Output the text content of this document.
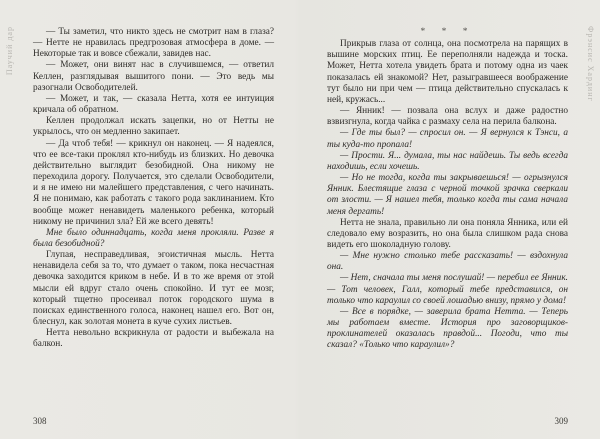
Паучий дар	— Ты заметил, что никто здесь не смотрит нам в глаза? — Нетте не нравилась предгрозовая атмосфера в доме. — Некоторые так и вовсе сбежали, завидев нас.

— Может, они винят нас в случившемся, — ответил Келлен, разглядывая вышитого пони. — Это ведь мы разогнали Освободителей.

— Может, и так, — сказала Нетта, хотя ее интуиция кричала об обратном.

Келлен продолжал искать зацепки, но от Нетты не укрылось, что он медленно закипает.

— Да чтоб тебя! — крикнул он наконец. — Я надеялся, что ее все-таки проклял кто-нибудь из близких. Но девочка действительно выглядит безобидной. Она никому не переходила дорогу. Получается, это сделали Освободители, и я не имею ни малейшего представления, с чего начинать. Я не понимаю, как работать с такого рода заклинанием. Кто вообще может ненавидеть маленького ребенка, который никому не причинил зла? Ей же всего девять!

Мне было одиннадцать, когда меня прокляли. Разве я была безобидной?

Глупая, несправедливая, эгоистичная мысль. Нетта ненавидела себя за то, что думает о таком, пока несчастная девочка заходится криком в небе. И в то же время от этой мысли ей вдруг стало очень спокойно. И тут ее мозг, который тщетно просеивал поток городского шума в поисках единственного голоса, наконец нашел его. Вот он, блеснул, как золотая монета в куче сухих листьев.

Нетта невольно вскрикнула от радости и выбежала на балкон.

308
* * *

Прикрыв глаза от солнца, она посмотрела на парящих в вышине морских птиц. Ее переполняли надежда и тоска. Может, Нетта хотела увидеть брата и потому одна из чаек показалась ей знакомой? Нет, разыгравшееся воображение тут было ни при чем — птица действительно спускалась к ней, кружась...

— Янник! — позвала она вслух и даже радостно взвизгнула, когда чайка с размаху села на перила балкона.

— Где ты был? — спросил он. — Я вернулся к Тэнси, а ты куда-то пропала!

— Прости. Я... думала, ты нас найдешь. Ты ведь всегда находишь, если хочешь.

— Но не тогда, когда ты закрываешься! — огрызнулся Янник. Блестящие глаза с черной точкой зрачка сверкали от злости. — Я нашел тебя, только когда ты сама начала меня дергать!

Нетта не знала, правильно ли она поняла Янника, или ей следовало ему возразить, но она была слишком рада снова видеть его шоколадную голову.

— Мне нужно столько тебе рассказать! — вздохнула она.

— Нет, сначала ты меня послушай! — перебил ее Янник. — Тот человек, Галл, который тебе представился, он только что караулил со своей лошадью внизу, прямо у дома!

— Все в порядке, — заверила брата Нетта. — Теперь мы работаем вместе. История про заговорщиков-проклинателей оказалась правдой... Погоди, что ты сказал? «Только что караулил»?

309
Фрэнсис Хардинг
